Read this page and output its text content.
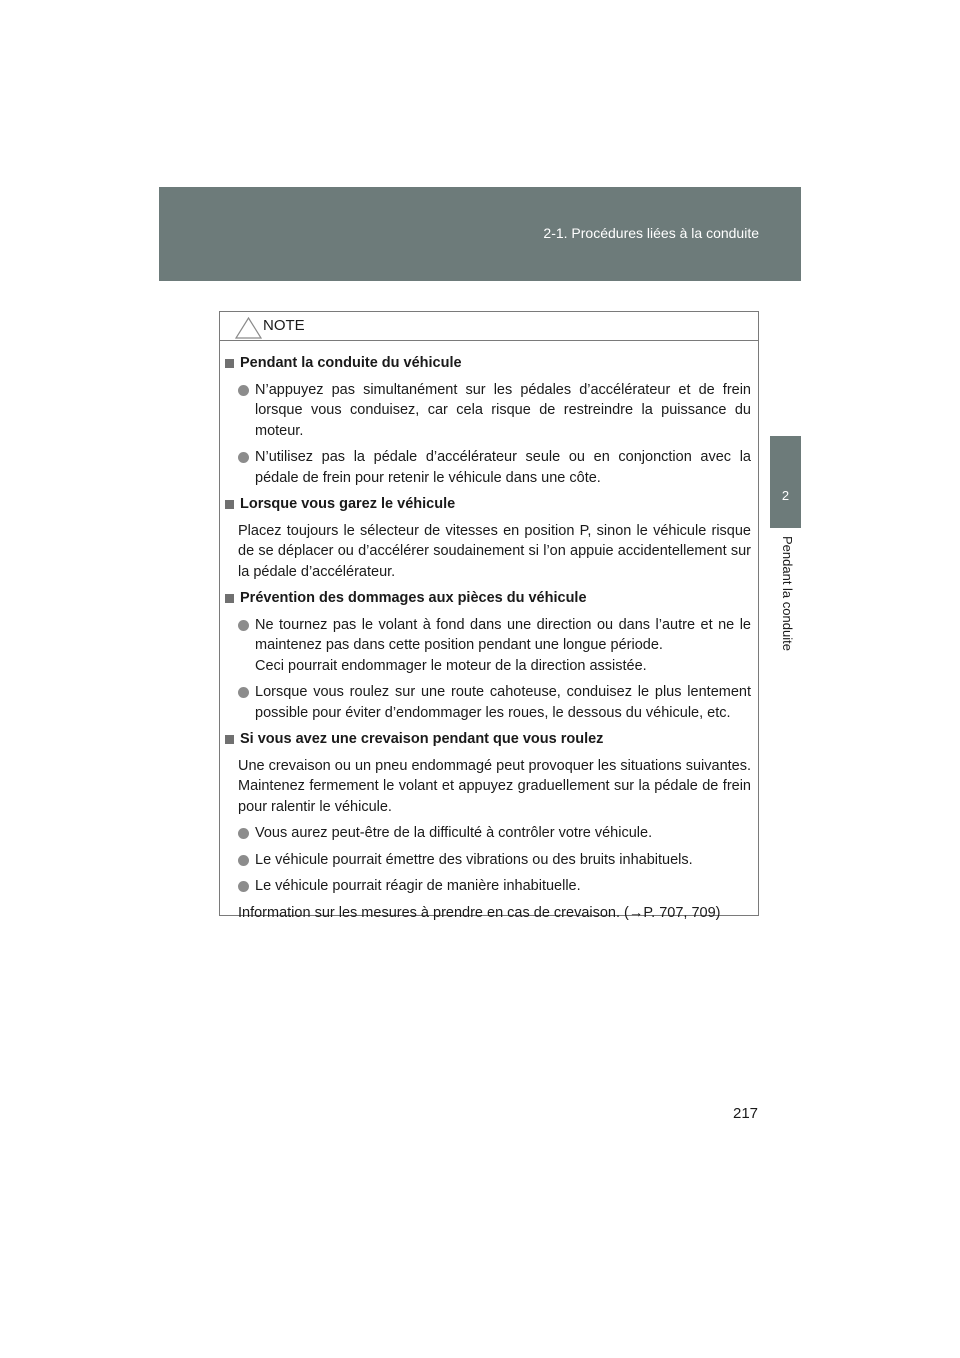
2-1. Procédures liées à la conduite
2
Pendant la conduite
NOTE
Pendant la conduite du véhicule
N’appuyez pas simultanément sur les pédales d’accélérateur et de frein lorsque vous conduisez, car cela risque de restreindre la puissance du moteur.
N’utilisez pas la pédale d’accélérateur seule ou en conjonction avec la pédale de frein pour retenir le véhicule dans une côte.
Lorsque vous garez le véhicule
Placez toujours le sélecteur de vitesses en position P, sinon le véhicule risque de se déplacer ou d’accélérer soudainement si l’on appuie accidentellement sur la pédale d’accélérateur.
Prévention des dommages aux pièces du véhicule
Ne tournez pas le volant à fond dans une direction ou dans l’autre et ne le maintenez pas dans cette position pendant une longue période.
Ceci pourrait endommager le moteur de la direction assistée.
Lorsque vous roulez sur une route cahoteuse, conduisez le plus lentement possible pour éviter d’endommager les roues, le dessous du véhicule, etc.
Si vous avez une crevaison pendant que vous roulez
Une crevaison ou un pneu endommagé peut provoquer les situations suivantes. Maintenez fermement le volant et appuyez graduellement sur la pédale de frein pour ralentir le véhicule.
Vous aurez peut-être de la difficulté à contrôler votre véhicule.
Le véhicule pourrait émettre des vibrations ou des bruits inhabituels.
Le véhicule pourrait réagir de manière inhabituelle.
Information sur les mesures à prendre en cas de crevaison. (→P. 707, 709)
217
